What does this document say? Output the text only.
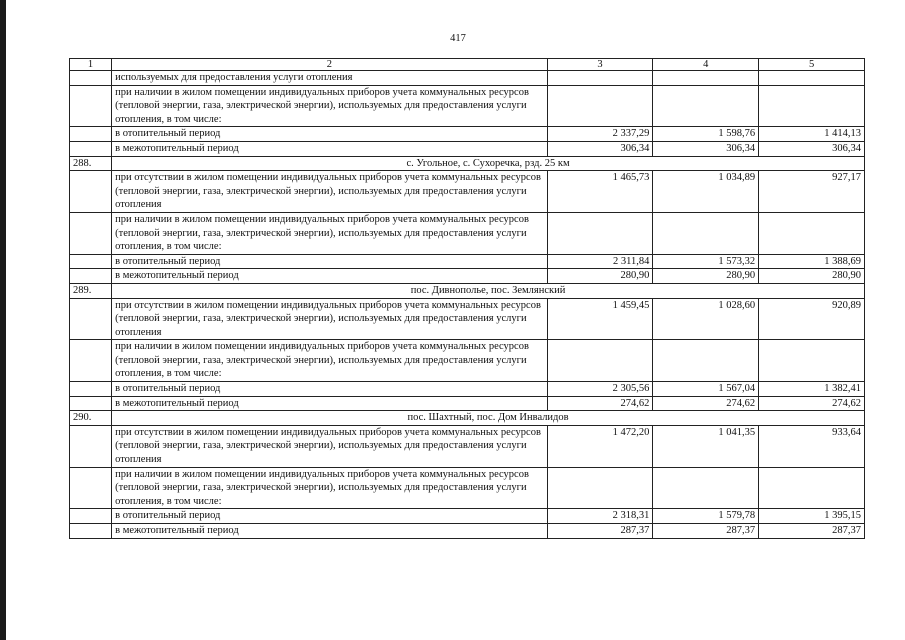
417
1	2	3	4	5
	используемых для предоставления услуги отопления			
	при наличии в жилом помещении индивидуальных приборов учета коммунальных ресурсов (тепловой энергии, газа, электрической энергии), используемых для предоставления услуги отопления, в том числе:			
	в отопительный период	2 337,29	1 598,76	1 414,13
	в межотопительный период	306,34	306,34	306,34
288.	с. Угольное, с. Сухоречка, рзд. 25 км			
	при отсутствии в жилом помещении индивидуальных приборов учета коммунальных ресурсов (тепловой энергии, газа, электрической энергии), используемых для предоставления услуги отопления	1 465,73	1 034,89	927,17
	при наличии в жилом помещении индивидуальных приборов учета коммунальных ресурсов (тепловой энергии, газа, электрической энергии), используемых для предоставления услуги отопления, в том числе:			
	в отопительный период	2 311,84	1 573,32	1 388,69
	в межотопительный период	280,90	280,90	280,90
289.	пос. Дивнополье, пос. Землянский			
	при отсутствии в жилом помещении индивидуальных приборов учета коммунальных ресурсов (тепловой энергии, газа, электрической энергии), используемых для предоставления услуги отопления	1 459,45	1 028,60	920,89
	при наличии в жилом помещении индивидуальных приборов учета коммунальных ресурсов (тепловой энергии, газа, электрической энергии), используемых для предоставления услуги отопления, в том числе:			
	в отопительный период	2 305,56	1 567,04	1 382,41
	в межотопительный период	274,62	274,62	274,62
290.	пос. Шахтный, пос. Дом Инвалидов			
	при отсутствии в жилом помещении индивидуальных приборов учета коммунальных ресурсов (тепловой энергии, газа, электрической энергии), используемых для предоставления услуги отопления	1 472,20	1 041,35	933,64
	при наличии в жилом помещении индивидуальных приборов учета коммунальных ресурсов (тепловой энергии, газа, электрической энергии), используемых для предоставления услуги отопления, в том числе:			
	в отопительный период	2 318,31	1 579,78	1 395,15
	в межотопительный период	287,37	287,37	287,37
